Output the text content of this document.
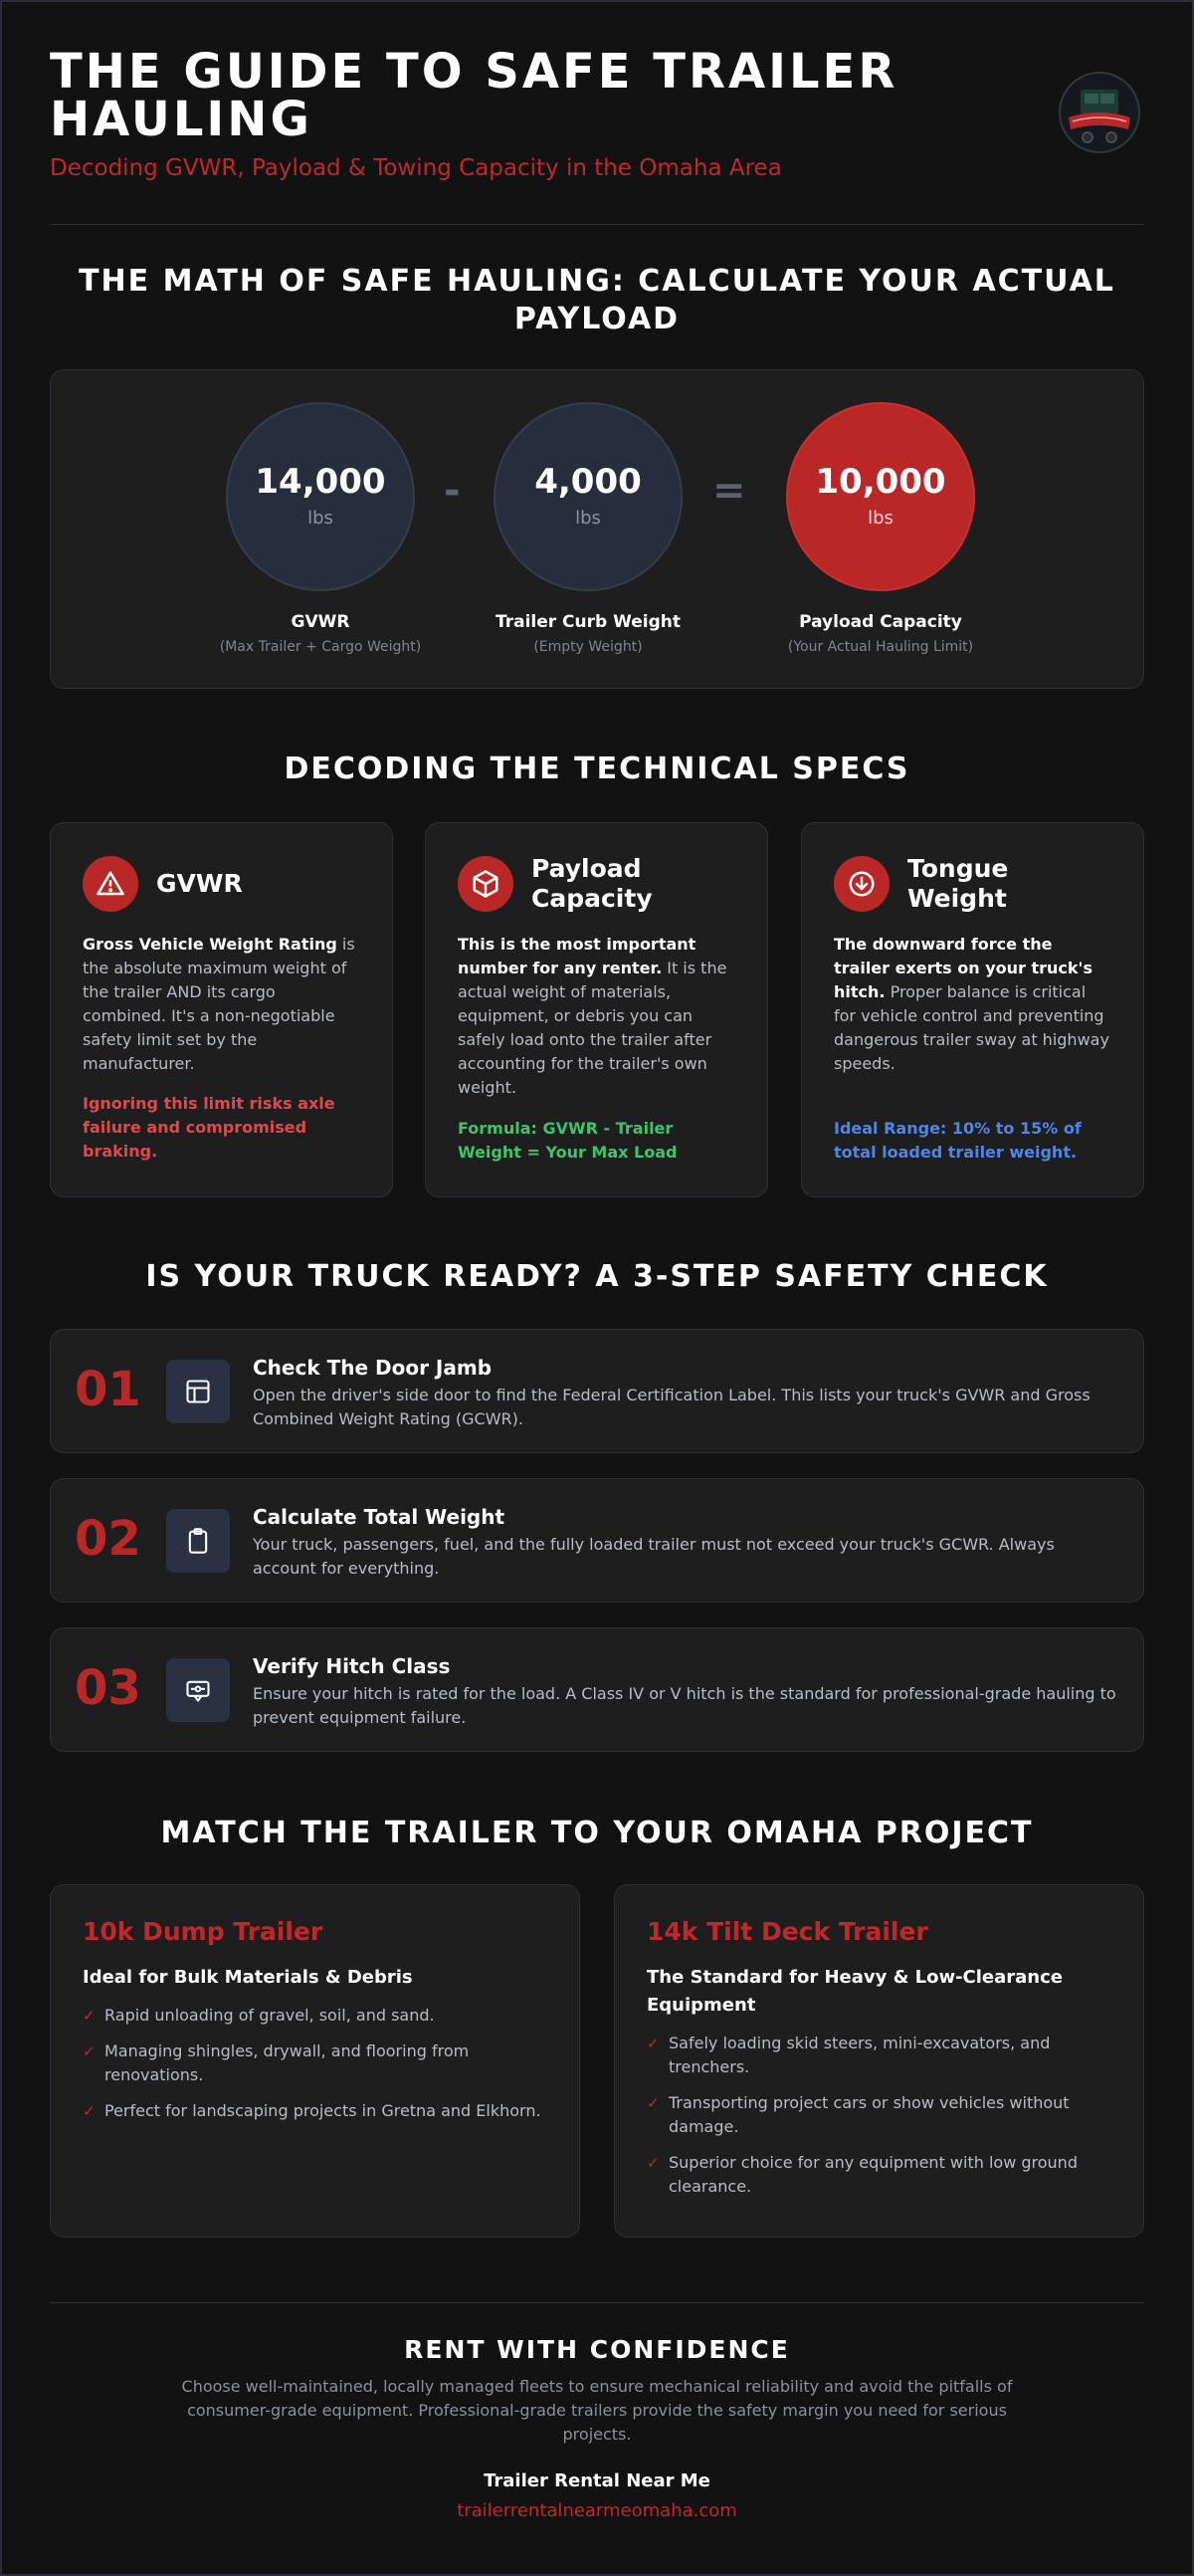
THE GUIDE TO SAFE TRAILER HAULING
Decoding GVWR, Payload & Towing Capacity in the Omaha Area
THE MATH OF SAFE HAULING: CALCULATE YOUR ACTUAL PAYLOAD
14,000
lbs
-	4,000
lbs
=	10,000
lbs
GVWR
(Max Trailer + Cargo Weight)
Trailer Curb Weight
(Empty Weight)
Payload Capacity
(Your Actual Hauling Limit)
DECODING THE TECHNICAL SPECS
GVWR
Gross Vehicle Weight Rating is the absolute maximum weight of the trailer AND its cargo combined. It's a non-negotiable safety limit set by the manufacturer.
Ignoring this limit risks axle failure and compromised braking.
Payload Capacity
This is the most important number for any renter. It is the actual weight of materials, equipment, or debris you can safely load onto the trailer after accounting for the trailer's own weight.
Formula: GVWR - Trailer Weight = Your Max Load
Tongue Weight
The downward force the trailer exerts on your truck's hitch. Proper balance is critical for vehicle control and preventing dangerous trailer sway at highway speeds.
Ideal Range: 10% to 15% of total loaded trailer weight.
IS YOUR TRUCK READY? A 3-STEP SAFETY CHECK
01	Check The Door Jamb
Open the driver's side door to find the Federal Certification Label. This lists your truck's GVWR and Gross Combined Weight Rating (GCWR).
02	Calculate Total Weight
Your truck, passengers, fuel, and the fully loaded trailer must not exceed your truck's GCWR. Always account for everything.
03	Verify Hitch Class
Ensure your hitch is rated for the load. A Class IV or V hitch is the standard for professional-grade hauling to prevent equipment failure.
MATCH THE TRAILER TO YOUR OMAHA PROJECT
10k Dump Trailer
Ideal for Bulk Materials & Debris
✓ Rapid unloading of gravel, soil, and sand.
✓ Managing shingles, drywall, and flooring from renovations.
✓ Perfect for landscaping projects in Gretna and Elkhorn.
14k Tilt Deck Trailer
The Standard for Heavy & Low-Clearance Equipment
✓ Safely loading skid steers, mini-excavators, and trenchers.
✓ Transporting project cars or show vehicles without damage.
✓ Superior choice for any equipment with low ground clearance.
RENT WITH CONFIDENCE
Choose well-maintained, locally managed fleets to ensure mechanical reliability and avoid the pitfalls of consumer-grade equipment. Professional-grade trailers provide the safety margin you need for serious projects.
Trailer Rental Near Me
trailerrentalnearmeomaha.com
